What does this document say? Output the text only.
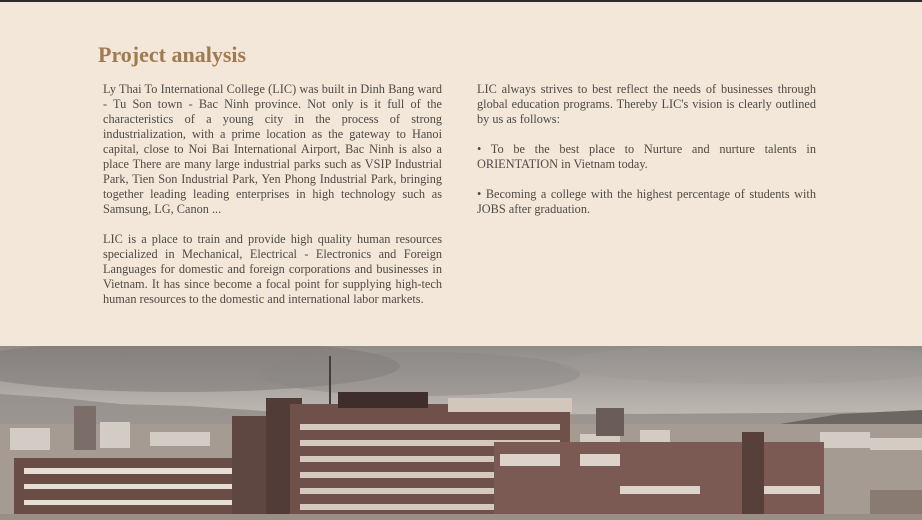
Project analysis

Ly Thai To International College (LIC) was built in Dinh Bang ward - Tu Son town - Bac Ninh province. Not only is it full of the characteristics of a young city in the process of strong industrialization, with a prime location as the gateway to Hanoi capital, close to Noi Bai International Airport, Bac Ninh is also a place There are many large industrial parks such as VSIP Industrial Park, Tien Son Industrial Park, Yen Phong Industrial Park, bringing together leading leading enterprises in high technology such as Samsung, LG, Canon ...

LIC is a place to train and provide high quality human resources specialized in Mechanical, Electrical - Electronics and Foreign Languages for domestic and foreign corporations and businesses in Vietnam. It has since become a focal point for supplying high-tech human resources to the domestic and international labor markets.

LIC always strives to best reflect the needs of businesses through global education programs. Thereby LIC's vision is clearly outlined by us as follows:

• To be the best place to Nurture and nurture talents in ORIENTATION in Vietnam today.

• Becoming a college with the highest percentage of students with JOBS after graduation.
